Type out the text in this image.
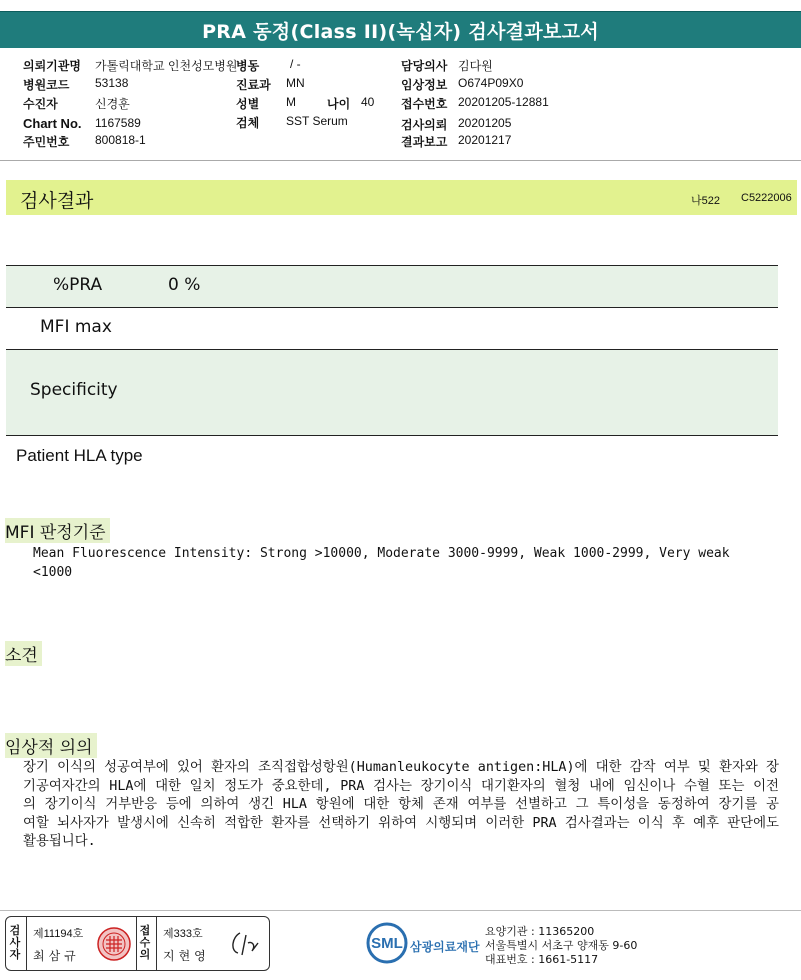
PRA 동정(Class II)(녹십자) 검사결과보고서
의뢰기관명 가톨릭대학교 인천성모병원
병동	/ -	담당의사 김다원
병원코드 53138	진료과 MN	임상정보 O674P09X0
수진자	신경훈	성별 M	나이 40 접수번호 20201205-12881
Chart No. 1167589	검체 SST Serum	검사의뢰 20201205
주민번호 800818-1	결과보고 20201217
검사결과	나522 C5222006
%PRA	0 %
MFI max
Specificity
Patient HLA type
MFI 판정기준
Mean Fluorescence Intensity: Strong >10000, Moderate 3000-9999, Weak 1000-2999, Very weak
<1000
소견
임상적 의의
장기 이식의 성공여부에 있어 환자의 조직접합성항원(Humanleukocyte antigen:HLA)에 대한 감작 여부 및 환자와 장기공여자간의 HLA에 대한 일치 정도가 중요한데, PRA 검사는 장기이식 대기환자의 혈청 내에 임신이나 수혈 또는 이전의 장기이식 거부반응 등에 의하여 생긴 HLA 항원에 대한 항체 존재 여부를 선별하고 그 특이성을 동정하여 장기를 공여할 뇌사자가 발생시에 신속히 적합한 환자를 선택하기 위하여 시행되며 이러한 PRA 검사결과는 이식 후 예후 판단에도 활용됩니다.
검사자
제11194호
최삼규
접수의
제333호
지현영
SML 삼광의료재단
요양기관 : 11365200
서울특별시 서초구 양재동 9-60
대표번호 : 1661-5117
